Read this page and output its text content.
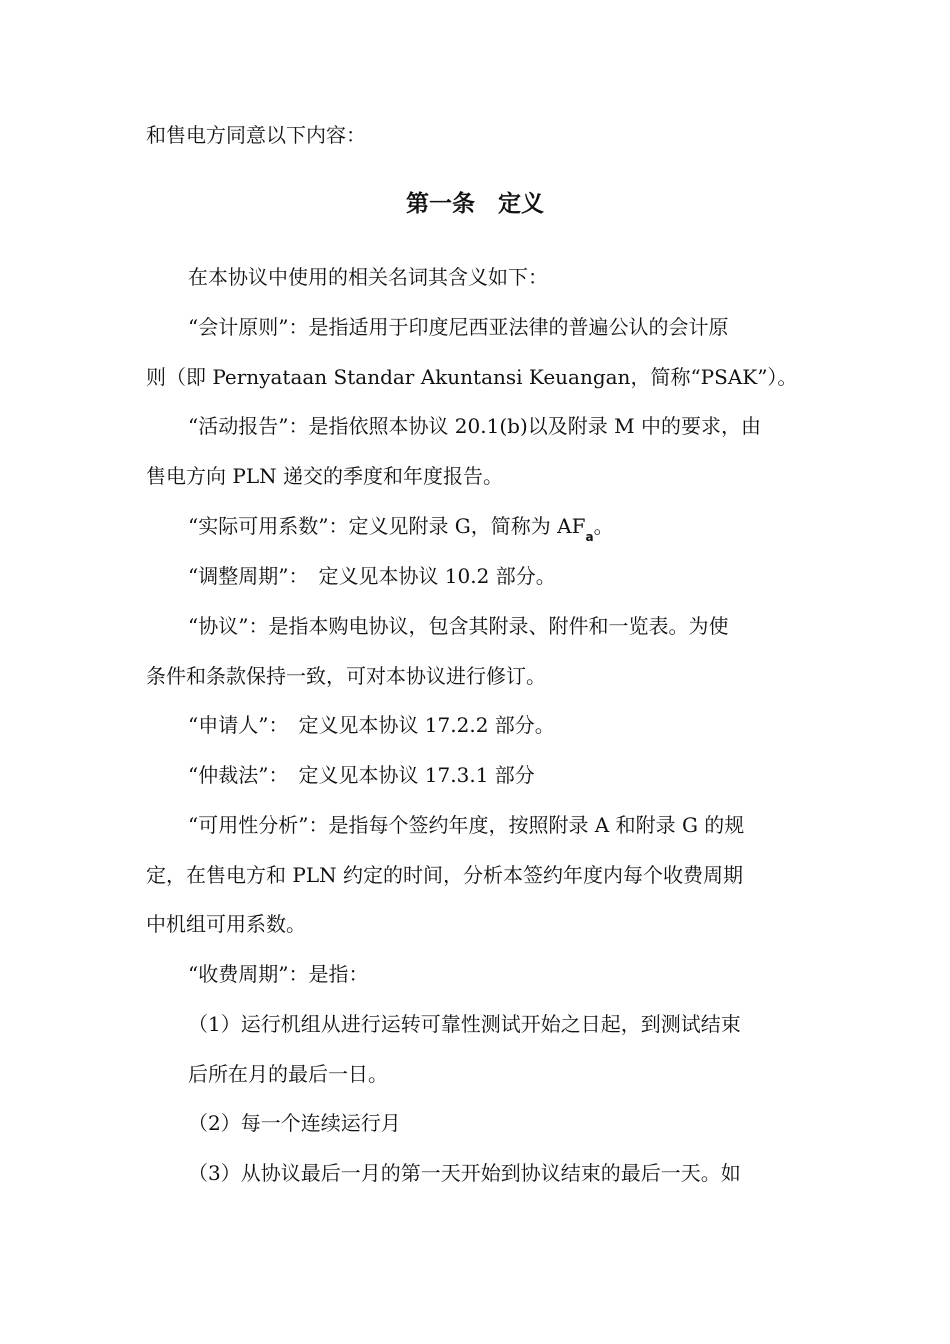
和售电方同意以下内容：
第一条　定义
在本协议中使用的相关名词其含义如下：
“会计原则”：是指适用于印度尼西亚法律的普遍公认的会计原
则（即 Pernyataan Standar Akuntansi Keuangan，简称“PSAK”）。
“活动报告”：是指依照本协议 20.1(b)以及附录 M 中的要求，由
售电方向 PLN 递交的季度和年度报告。
“实际可用系数”：定义见附录 G，简称为 $AF_a$。
“调整周期”：　定义见本协议 10.2 部分。
“协议”：是指本购电协议，包含其附录、附件和一览表。为使
条件和条款保持一致，可对本协议进行修订。
“申请人”：　定义见本协议 17.2.2 部分。
“仲裁法”：　定义见本协议 17.3.1 部分
“可用性分析”：是指每个签约年度，按照附录 A 和附录 G 的规
定，在售电方和 PLN 约定的时间，分析本签约年度内每个收费周期
中机组可用系数。
“收费周期”：是指：
（1）运行机组从进行运转可靠性测试开始之日起，到测试结束
后所在月的最后一日。
（2）每一个连续运行月
（3）从协议最后一月的第一天开始到协议结束的最后一天。如
